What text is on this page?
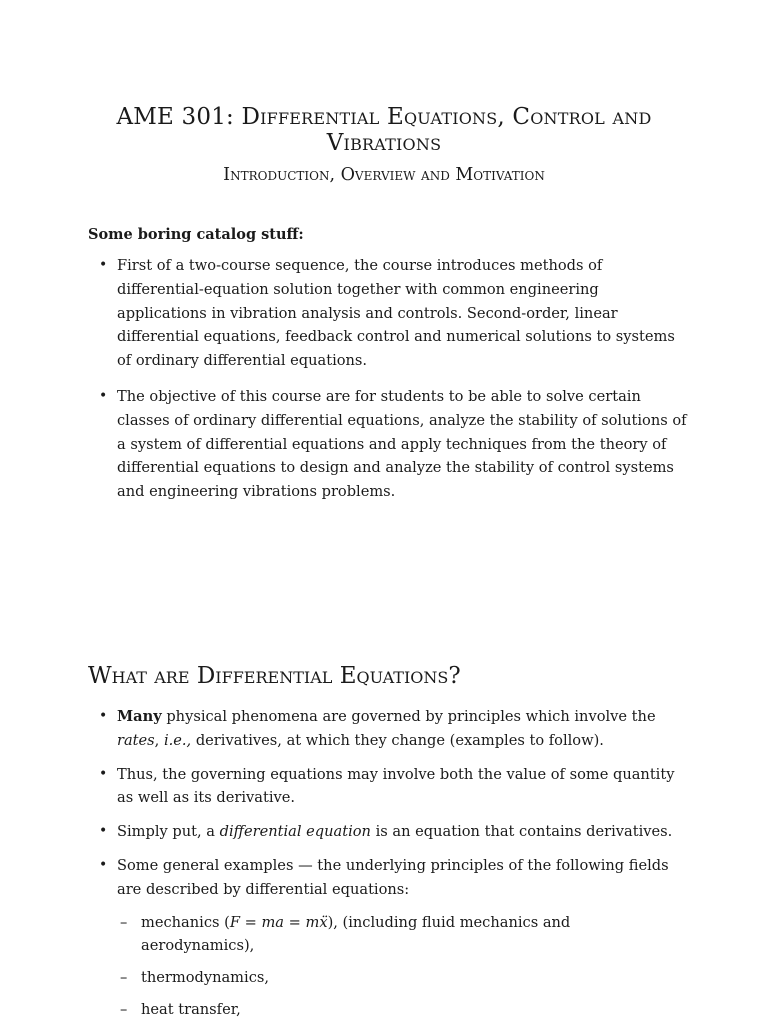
AME 301: Differential Equations, Control and Vibrations
Introduction, Overview and Motivation
Some boring catalog stuff:
• First of a two-course sequence, the course introduces methods of differential-equation solution together with common engineering applications in vibration analysis and controls. Second-order, linear differential equations, feedback control and numerical solutions to systems of ordinary differential equations.
• The objective of this course are for students to be able to solve certain classes of ordinary differential equations, analyze the stability of solutions of a system of differential equations and apply techniques from the theory of differential equations to design and analyze the stability of control systems and engineering vibrations problems.
What are Differential Equations?
• Many physical phenomena are governed by principles which involve the rates, i.e., derivatives, at which they change (examples to follow).
• Thus, the governing equations may involve both the value of some quantity as well as its derivative.
• Simply put, a differential equation is an equation that contains derivatives.
• Some general examples — the underlying principles of the following fields are described by differential equations:
– mechanics (F = ma = mẍ), (including fluid mechanics and aerodynamics),
– thermodynamics,
– heat transfer,
